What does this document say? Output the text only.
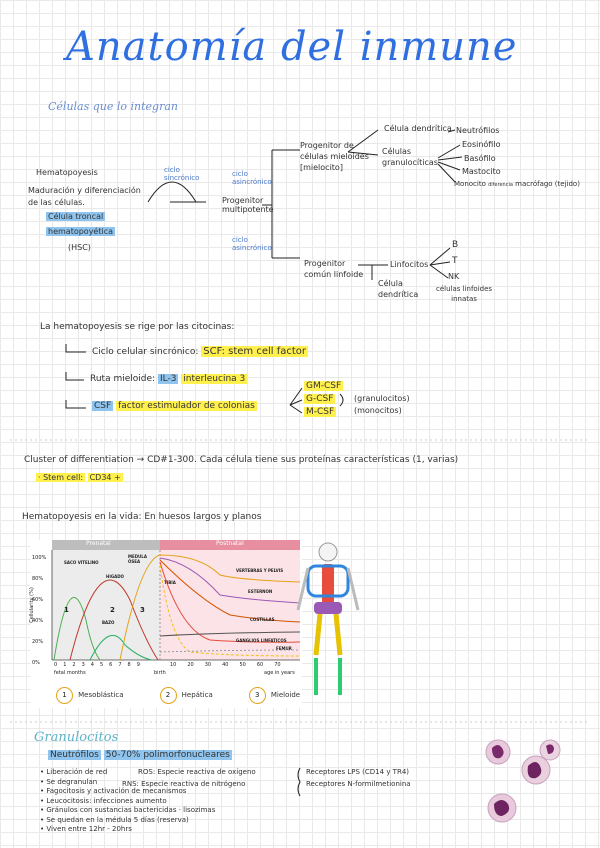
Anatomía del inmune
Células que lo integran
Hematopoyesis
Maduración y diferenciación
de las células.
Célula troncal
hematopoyética
(HSC)
ciclo
sincrónico	ciclo
asincrónico
ciclo
asincrónico
Progenitor
multipotente
Progenitor de
células mieloides
[mielocito]
Célula dendrítica
Células
granulocíticas
Neutrófilos
Eosinófilo
Basófilo
Mastocito
Monocito diferencia macrófago (tejido)
Progenitor
común linfoide
Linfocitos
Célula
dendrítica
B
T
NK
células linfoides
innatas
La hematopoyesis se rige por las citocinas:
Ciclo celular sincrónico: SCF: stem cell factor
Ruta mieloide: IL-3 interleucina 3
CSF factor estimulador de colonias
GM-CSF
G-CSF
M-CSF
(granulocitos)
(monocitos)
Cluster of differentiation → CD#1-300. Cada célula tiene sus proteínas características (1, varias)
· Stem cell: CD34 +
Hematopoyesis en la vida: En huesos largos y planos
Prenatal	Postnatal
100%
80%
60%
40%
20%
0%	0 1 2 3 4 5 6 7 8 9	10 20 30 40 50 60 70
fetal months	birth	age in years
Cellularity (%)
SACO VITELINO
HIGADO
BAZO
MEDULA ÓSEA
TIBIA
VERTEBRAS Y PELVIS
ESTERNON
COSTILLAS
GANGLIOS LINFATICOS
FEMUR
1	2	3
1 Mesoblástica	2 Hepática	3 Mieloide
Granulocitos
Neutrófilos 50-70% polimorfonucleares
• Liberación de red
• Se degranulan
• Fagocitosis y activación de mecanismos
• Leucocitosis: infecciones aumento
• Gránulos con sustancias bactericidas · lisozimas
• Se quedan en la médula 5 días (reserva)
• Viven entre 12hr - 20hrs
ROS: Especie reactiva de oxígeno
RNS: Especie reactiva de nitrógeno
Receptores LPS (CD14 y TR4)
Receptores N-formilmetionina
